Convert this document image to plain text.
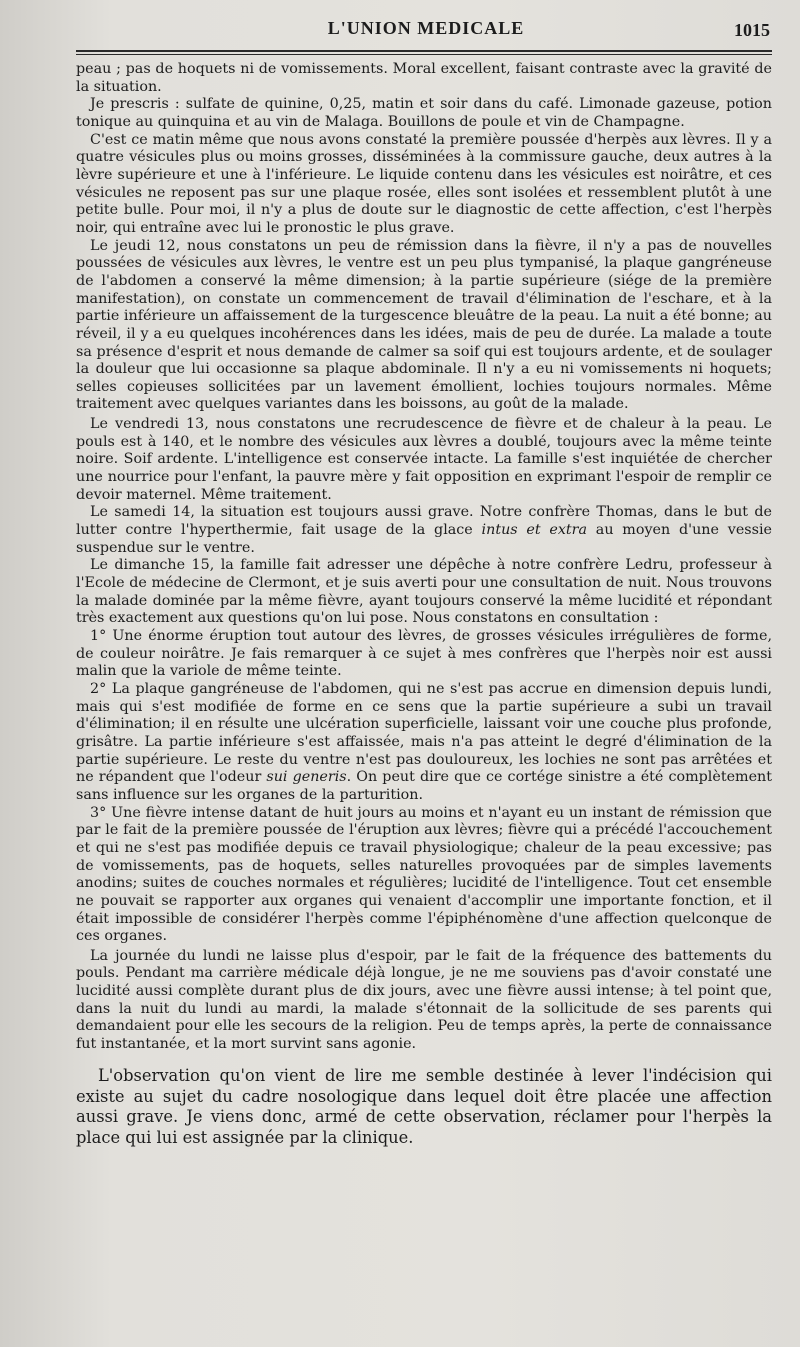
L'UNION MEDICALE	1015

peau ; pas de hoquets ni de vomissements. Moral excellent, faisant contraste avec la gravité de la situation.

Je prescris : sulfate de quinine, 0,25, matin et soir dans du café. Limonade gazeuse, potion tonique au quinquina et au vin de Malaga. Bouillons de poule et vin de Champagne.

C'est ce matin même que nous avons constaté la première poussée d'herpès aux lèvres. Il y a quatre vésicules plus ou moins grosses, disséminées à la commissure gauche, deux autres à la lèvre supérieure et une à l'inférieure. Le liquide contenu dans les vésicules est noirâtre, et ces vésicules ne reposent pas sur une plaque rosée, elles sont isolées et ressemblent plutôt à une petite bulle. Pour moi, il n'y a plus de doute sur le diagnostic de cette affection, c'est l'herpès noir, qui entraîne avec lui le pronostic le plus grave.

Le jeudi 12, nous constatons un peu de rémission dans la fièvre, il n'y a pas de nouvelles poussées de vésicules aux lèvres, le ventre est un peu plus tympanisé, la plaque gangréneuse de l'abdomen a conservé la même dimension; à la partie supérieure (siége de la première manifestation), on constate un commencement de travail d'élimination de l'eschare, et à la partie inférieure un affaissement de la turgescence bleuâtre de la peau. La nuit a été bonne; au réveil, il y a eu quelques incohérences dans les idées, mais de peu de durée. La malade a toute sa présence d'esprit et nous demande de calmer sa soif qui est toujours ardente, et de soulager la douleur que lui occasionne sa plaque abdominale. Il n'y a eu ni vomissements ni hoquets; selles copieuses sollicitées par un lavement émollient, lochies toujours normales. Même traitement avec quelques variantes dans les boissons, au goût de la malade.

Le vendredi 13, nous constatons une recrudescence de fièvre et de chaleur à la peau. Le pouls est à 140, et le nombre des vésicules aux lèvres a doublé, toujours avec la même teinte noire. Soif ardente. L'intelligence est conservée intacte. La famille s'est inquiétée de chercher une nourrice pour l'enfant, la pauvre mère y fait opposition en exprimant l'espoir de remplir ce devoir maternel. Même traitement.

Le samedi 14, la situation est toujours aussi grave. Notre confrère Thomas, dans le but de lutter contre l'hyperthermie, fait usage de la glace intus et extra au moyen d'une vessie suspendue sur le ventre.

Le dimanche 15, la famille fait adresser une dépêche à notre confrère Ledru, professeur à l'Ecole de médecine de Clermont, et je suis averti pour une consultation de nuit. Nous trouvons la malade dominée par la même fièvre, ayant toujours conservé la même lucidité et répondant très exactement aux questions qu'on lui pose. Nous constatons en consultation :

1° Une énorme éruption tout autour des lèvres, de grosses vésicules irrégulières de forme, de couleur noirâtre. Je fais remarquer à ce sujet à mes confrères que l'herpès noir est aussi malin que la variole de même teinte.

2° La plaque gangréneuse de l'abdomen, qui ne s'est pas accrue en dimension depuis lundi, mais qui s'est modifiée de forme en ce sens que la partie supérieure a subi un travail d'élimination; il en résulte une ulcération superficielle, laissant voir une couche plus profonde, grisâtre. La partie inférieure s'est affaissée, mais n'a pas atteint le degré d'élimination de la partie supérieure. Le reste du ventre n'est pas douloureux, les lochies ne sont pas arrêtées et ne répandent que l'odeur sui generis. On peut dire que ce cortége sinistre a été complètement sans influence sur les organes de la parturition.

3° Une fièvre intense datant de huit jours au moins et n'ayant eu un instant de rémission que par le fait de la première poussée de l'éruption aux lèvres; fièvre qui a précédé l'accouchement et qui ne s'est pas modifiée depuis ce travail physiologique; chaleur de la peau excessive; pas de vomissements, pas de hoquets, selles naturelles provoquées par de simples lavements anodins; suites de couches normales et régulières; lucidité de l'intelligence. Tout cet ensemble ne pouvait se rapporter aux organes qui venaient d'accomplir une importante fonction, et il était impossible de considérer l'herpès comme l'épiphénomène d'une affection quelconque de ces organes.

La journée du lundi ne laisse plus d'espoir, par le fait de la fréquence des battements du pouls. Pendant ma carrière médicale déjà longue, je ne me souviens pas d'avoir constaté une lucidité aussi complète durant plus de dix jours, avec une fièvre aussi intense; à tel point que, dans la nuit du lundi au mardi, la malade s'étonnait de la sollicitude de ses parents qui demandaient pour elle les secours de la religion. Peu de temps après, la perte de connaissance fut instantanée, et la mort survint sans agonie.

L'observation qu'on vient de lire me semble destinée à lever l'indécision qui existe au sujet du cadre nosologique dans lequel doit être placée une affection aussi grave. Je viens donc, armé de cette observation, réclamer pour l'herpès la place qui lui est assignée par la clinique.
